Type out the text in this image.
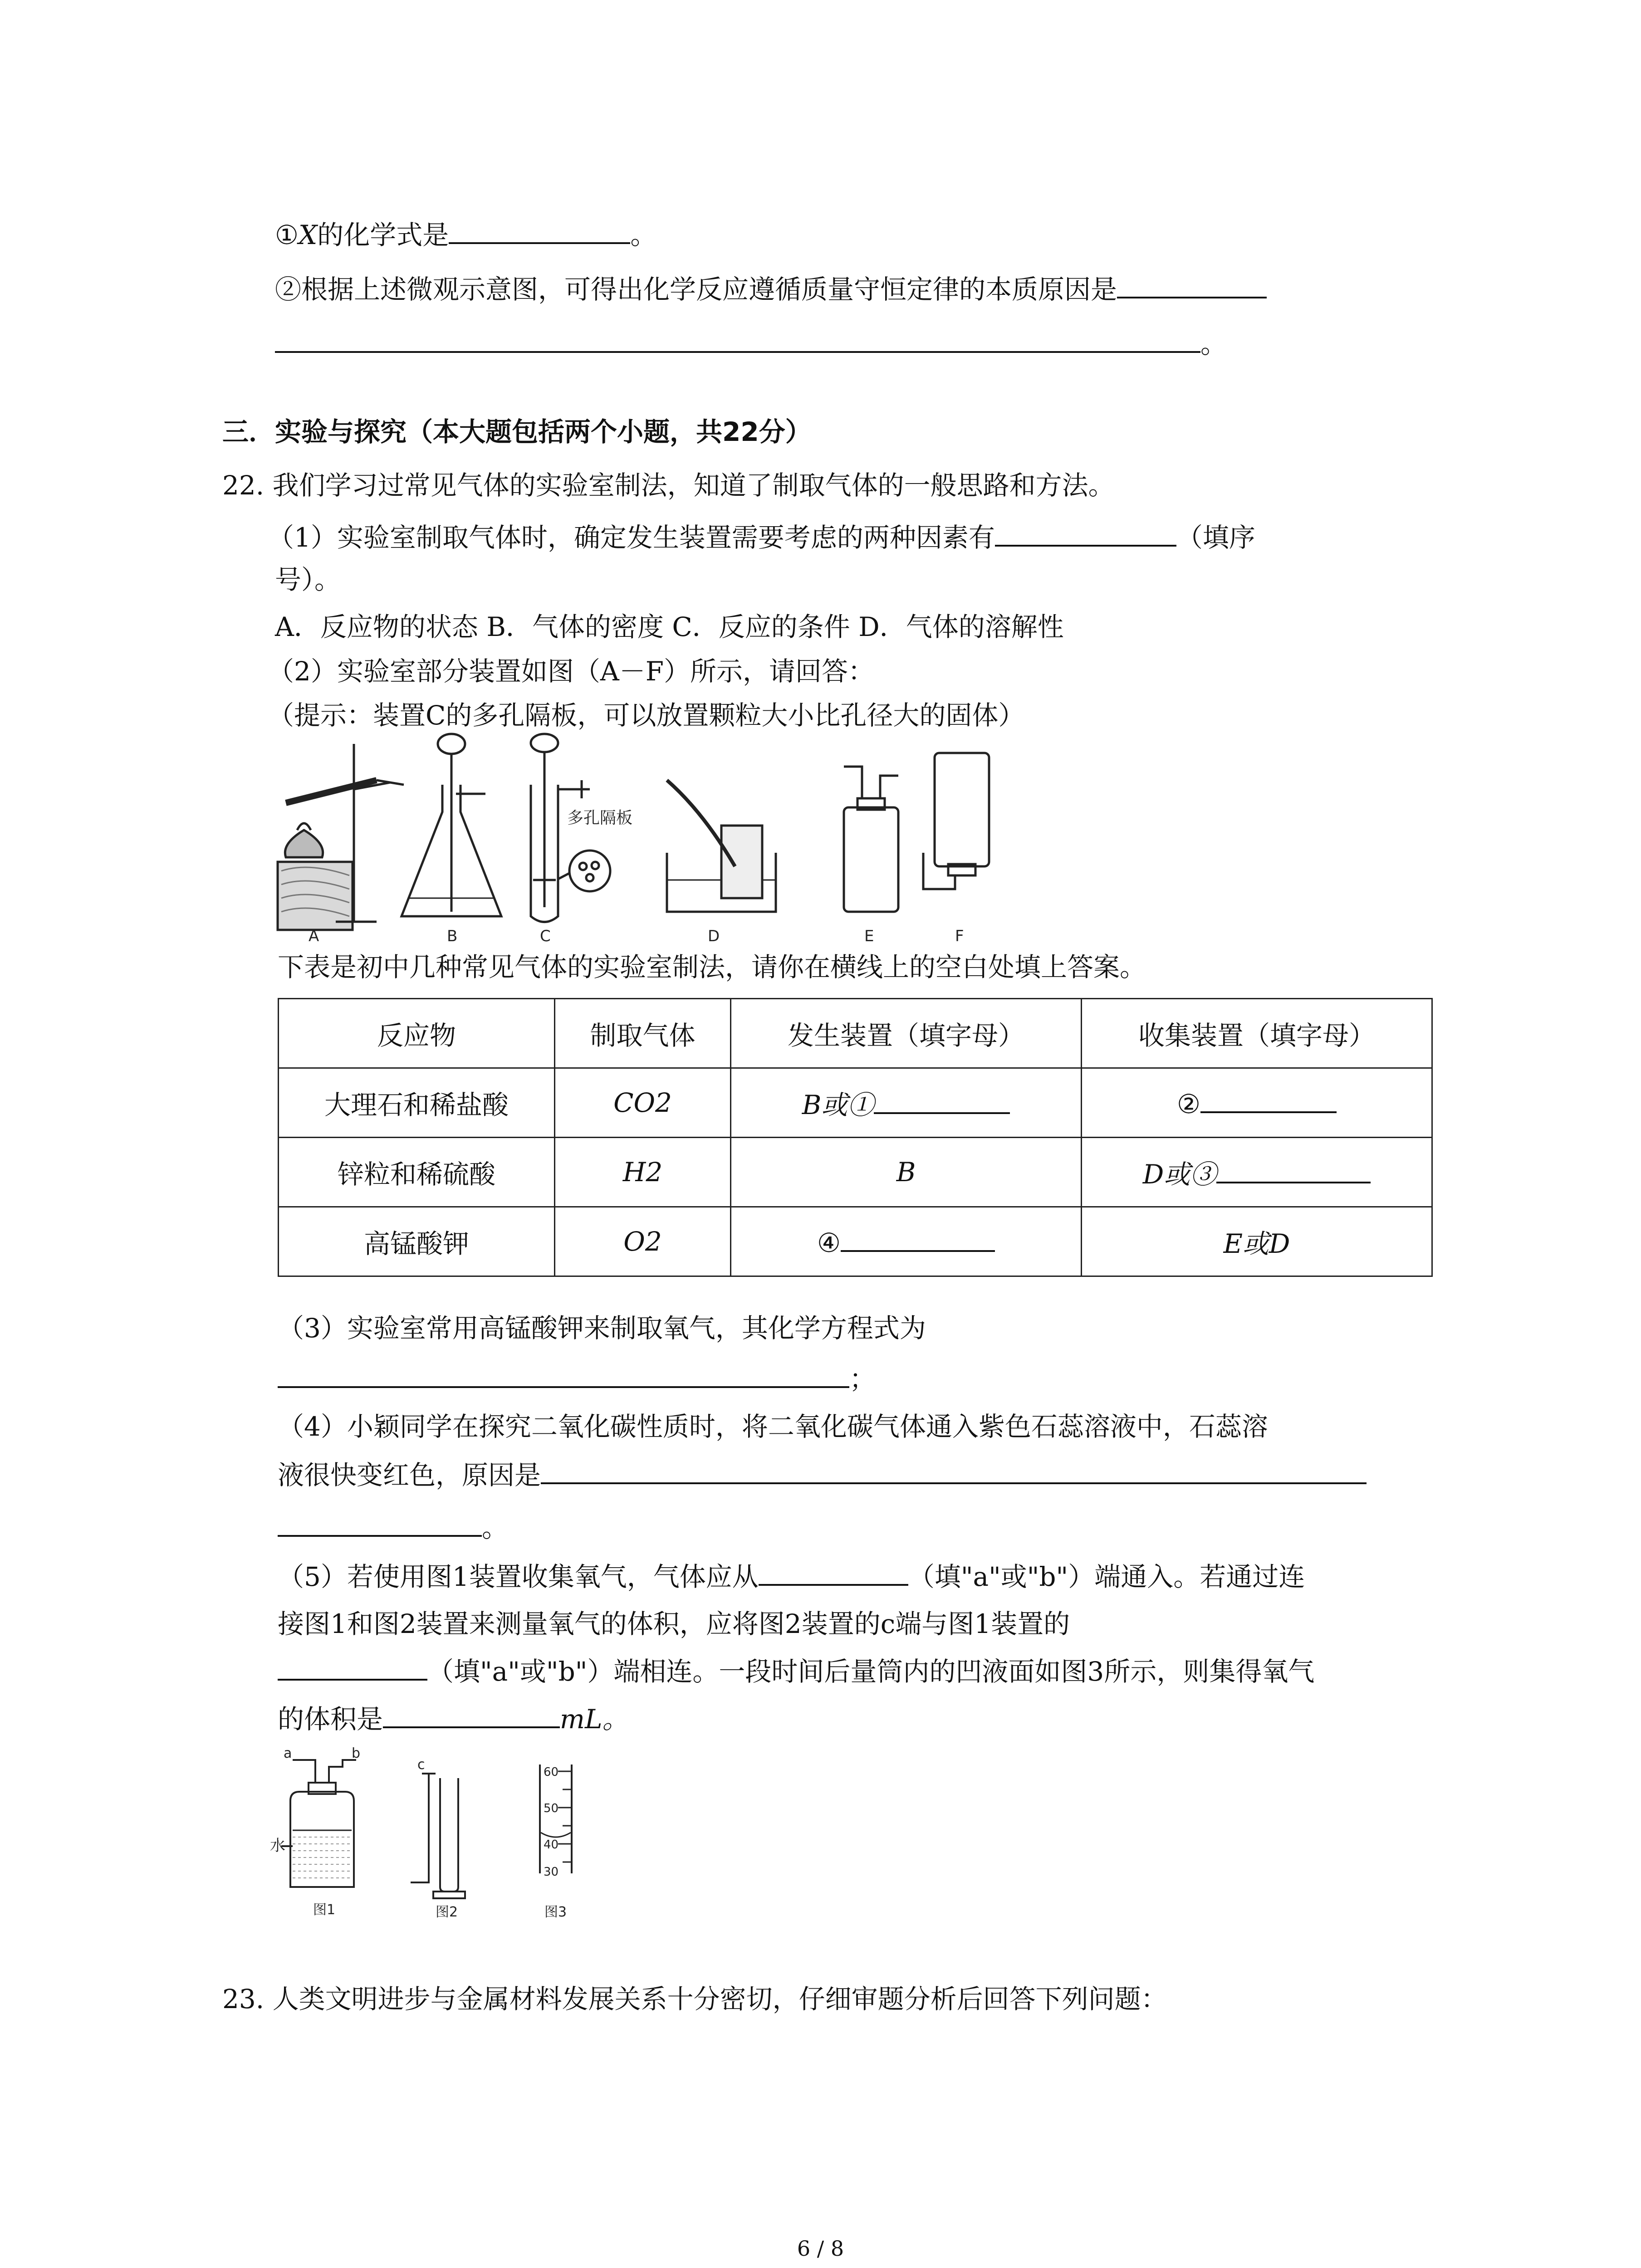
①X的化学式是	。
②根据上述微观示意图，可得出化学反应遵循质量守恒定律的本质原因是
。
三．实验与探究（本大题包括两个小题，共22分）
22. 我们学习过常见气体的实验室制法，知道了制取气体的一般思路和方法。
（1）实验室制取气体时，确定发生装置需要考虑的两种因素有	（填序
号）。
A．反应物的状态 B．气体的密度 C．反应的条件 D．气体的溶解性
（2）实验室部分装置如图（A－F）所示，请回答：
（提示：装置C的多孔隔板，可以放置颗粒大小比孔径大的固体）
A	B	C	D	E	F
多孔隔板
下表是初中几种常见气体的实验室制法，请你在横线上的空白处填上答案。
反应物	制取气体	发生装置（填字母）	收集装置（填字母）
大理石和稀盐酸	CO2	B或①	②
锌粒和稀硫酸	H2	B	D或③
高锰酸钾	O2	④	E或D
（3）实验室常用高锰酸钾来制取氧气，其化学方程式为
；
（4）小颖同学在探究二氧化碳性质时，将二氧化碳气体通入紫色石蕊溶液中，石蕊溶
液很快变红色，原因是
。
（5）若使用图1装置收集氧气，气体应从	（填"a"或"b"）端通入。若通过连
接图1和图2装置来测量氧气的体积，应将图2装置的c端与图1装置的
（填"a"或"b"）端相连。一段时间后量筒内的凹液面如图3所示，则集得氧气
的体积是	mL。
a	b
水
c	60
50
40
30
图1	图2	图3
23. 人类文明进步与金属材料发展关系十分密切，仔细审题分析后回答下列问题：
6 / 8
